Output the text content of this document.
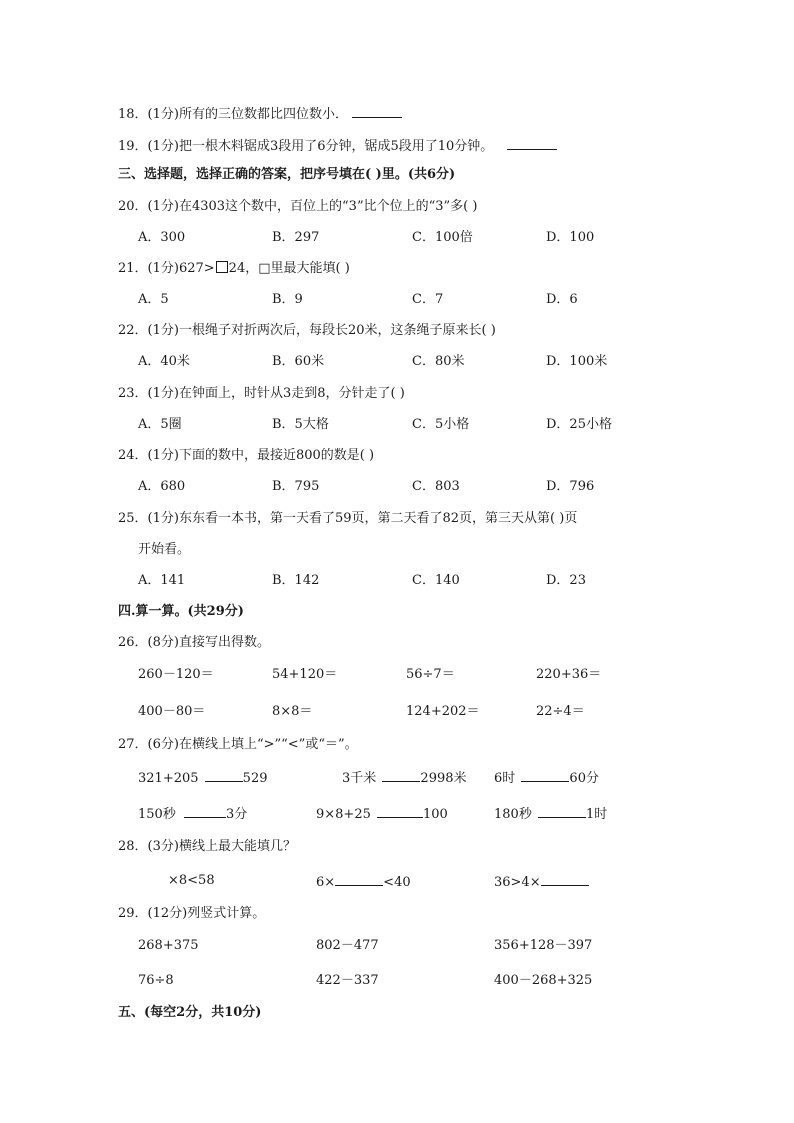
18．(1分)所有的三位数都比四位数小．
19．(1分)把一根木料锯成3段用了6分钟，锯成5段用了10分钟。
三、选择题，选择正确的答案，把序号填在( )里。(共6分)
20．(1分)在4303这个数中，百位上的“3”比个位上的“3”多( )
A．300	B．297	C．100倍	D．100
21．(1分)627> 24，□里最大能填( )
A．5	B．9	C．7	D．6
22．(1分)一根绳子对折两次后，每段长20米，这条绳子原来长( )
A．40米	B．60米	C．80米	D．100米
23．(1分)在钟面上，时针从3走到8，分针走了( )
A．5圈	B．5大格	C．5小格	D．25小格
24．(1分)下面的数中，最接近800的数是( )
A．680	B．795	C．803	D．796
25．(1分)东东看一本书，第一天看了59页，第二天看了82页，第三天从第( )页
开始看。
A．141	B．142	C．140	D．23
四.算一算。(共29分)
26．(8分)直接写出得数。
260－120＝	54+120＝	56÷7＝	220+36＝
400－80＝	8×8＝	124+202＝	22÷4＝
27．(6分)在横线上填上“>”“<”或“＝”。
321+205	529	3千米	2998米 6时	60分
150秒	3分	9×8+25	100	180秒	1时
28．(3分)横线上最大能填几？
×8<58	6×	<40	36>4×
29．(12分)列竖式计算。
268+375	802－477	356+128－397
76÷8	422－337	400－268+325
五、(每空2分，共10分)
